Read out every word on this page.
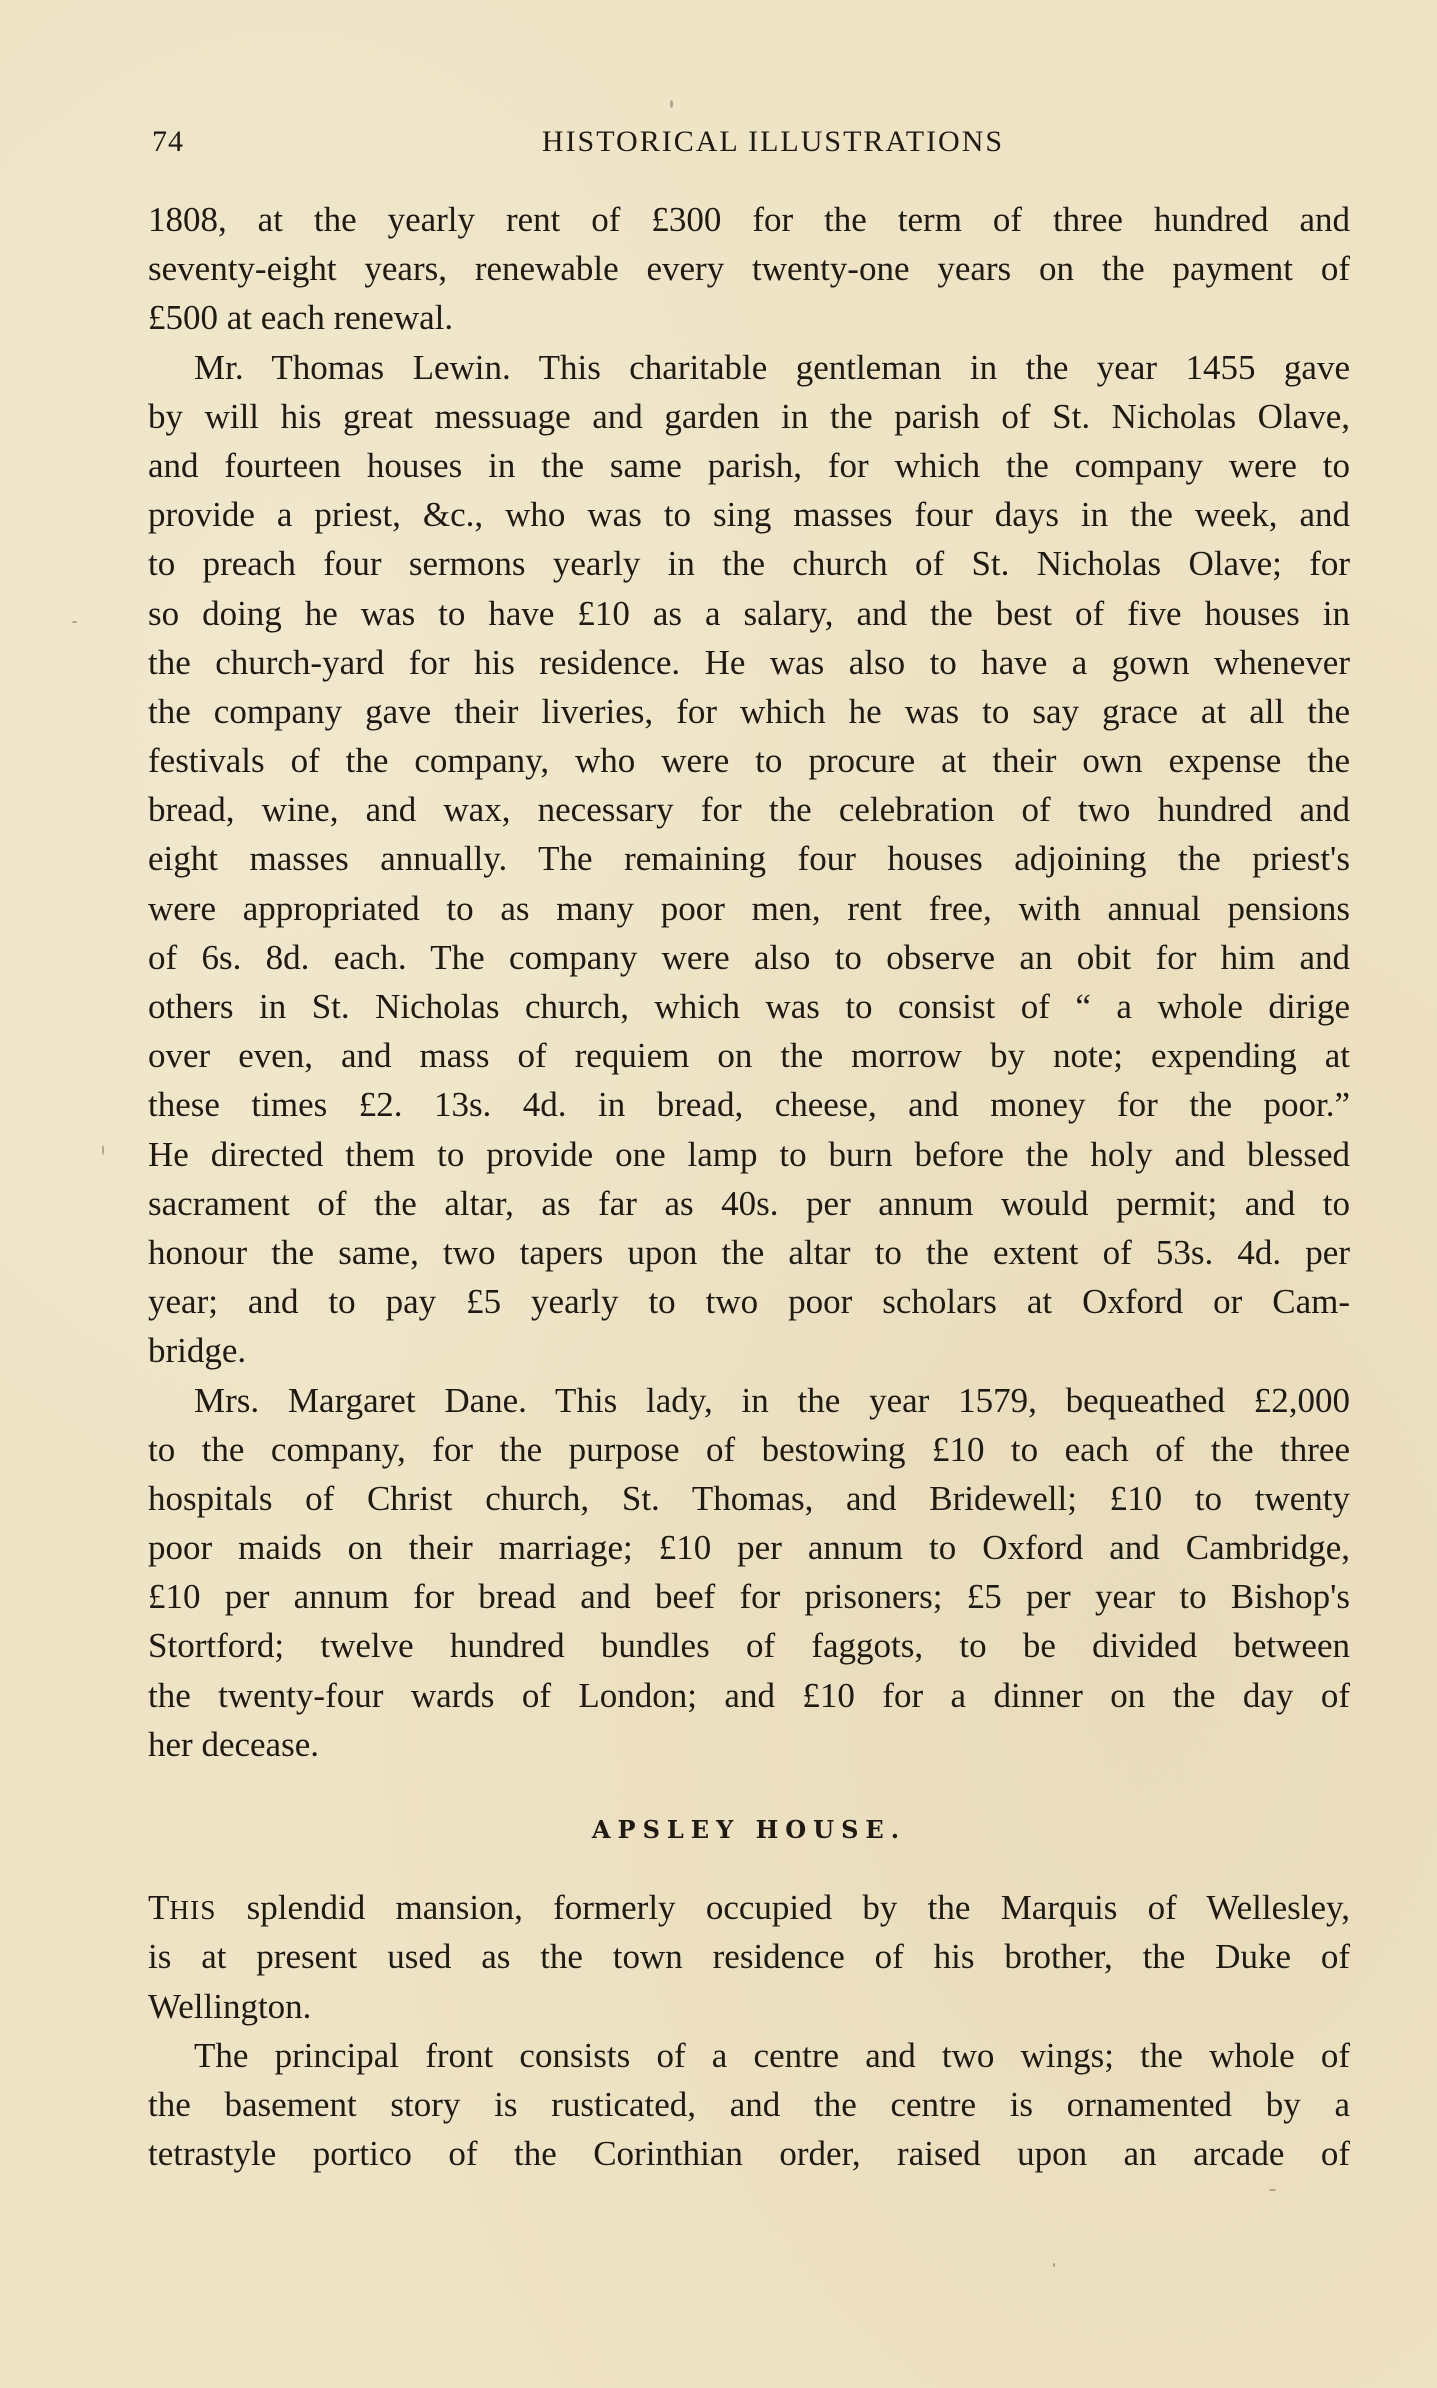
74	HISTORICAL ILLUSTRATIONS
1808, at the yearly rent of £300 for the term of three hundred and
seventy-eight years, renewable every twenty-one years on the payment of
£500 at each renewal.
Mr. Thomas Lewin. This charitable gentleman in the year 1455 gave
by will his great messuage and garden in the parish of St. Nicholas Olave,
and fourteen houses in the same parish, for which the company were to
provide a priest, &c., who was to sing masses four days in the week, and
to preach four sermons yearly in the church of St. Nicholas Olave; for
so doing he was to have £10 as a salary, and the best of five houses in
the church-yard for his residence. He was also to have a gown whenever
the company gave their liveries, for which he was to say grace at all the
festivals of the company, who were to procure at their own expense the
bread, wine, and wax, necessary for the celebration of two hundred and
eight masses annually. The remaining four houses adjoining the priest's
were appropriated to as many poor men, rent free, with annual pensions
of 6s. 8d. each. The company were also to observe an obit for him and
others in St. Nicholas church, which was to consist of “ a whole dirige
over even, and mass of requiem on the morrow by note; expending at
these times £2. 13s. 4d. in bread, cheese, and money for the poor.”
He directed them to provide one lamp to burn before the holy and blessed
sacrament of the altar, as far as 40s. per annum would permit; and to
honour the same, two tapers upon the altar to the extent of 53s. 4d. per
year; and to pay £5 yearly to two poor scholars at Oxford or Cam-
bridge.
Mrs. Margaret Dane. This lady, in the year 1579, bequeathed £2,000
to the company, for the purpose of bestowing £10 to each of the three
hospitals of Christ church, St. Thomas, and Bridewell; £10 to twenty
poor maids on their marriage; £10 per annum to Oxford and Cambridge,
£10 per annum for bread and beef for prisoners; £5 per year to Bishop's
Stortford; twelve hundred bundles of faggots, to be divided between
the twenty-four wards of London; and £10 for a dinner on the day of
her decease.
APSLEY HOUSE.
THIS splendid mansion, formerly occupied by the Marquis of Wellesley,
is at present used as the town residence of his brother, the Duke of
Wellington.
The principal front consists of a centre and two wings; the whole of
the basement story is rusticated, and the centre is ornamented by a
tetrastyle portico of the Corinthian order, raised upon an arcade of
